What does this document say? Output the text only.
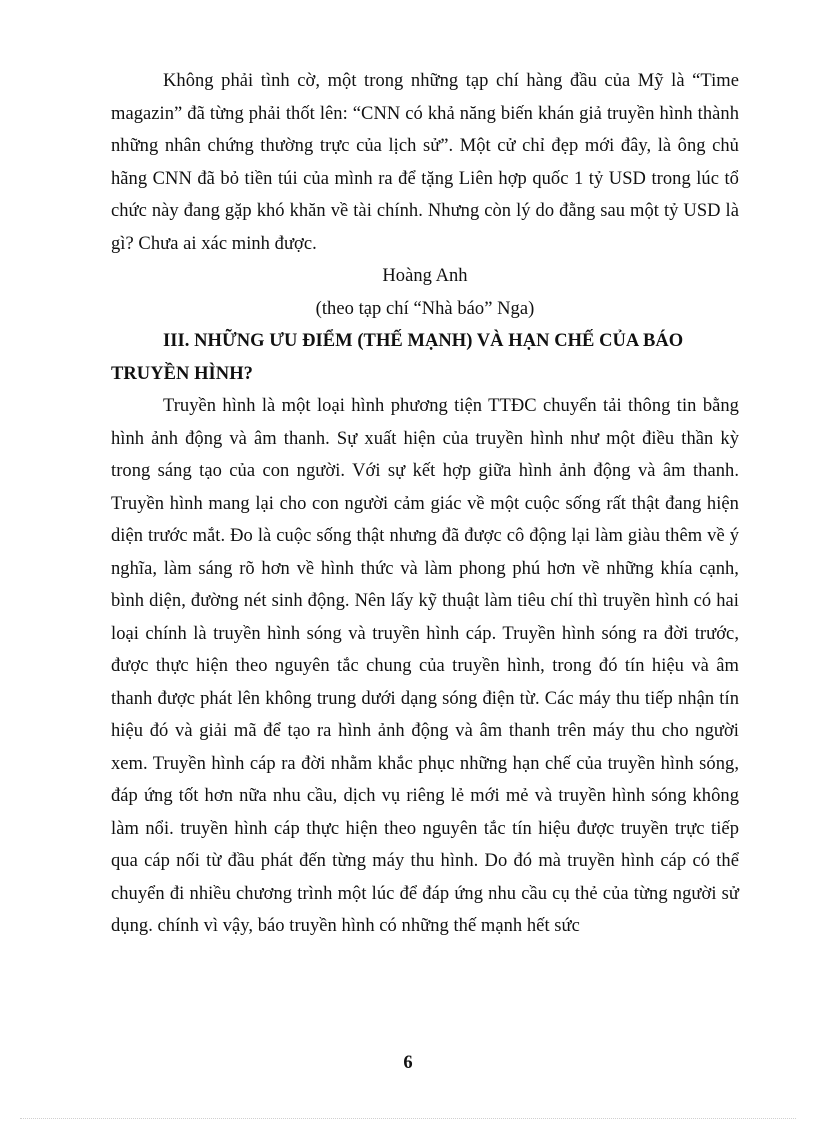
Không phải tình cờ, một trong những tạp chí hàng đầu của Mỹ là “Time magazin” đã từng phải thốt lên: “CNN có khả năng biến khán giả truyền hình thành những nhân chứng thường trực của lịch sử”. Một cử chỉ đẹp mới đây, là ông chủ hãng CNN đã bỏ tiền túi của mình ra để tặng Liên hợp quốc 1 tỷ USD trong lúc tổ chức này đang gặp khó khăn về tài chính. Nhưng còn lý do đằng sau một tỷ USD là gì? Chưa ai xác minh được.

Hoàng Anh

(theo tạp chí “Nhà báo” Nga)

III. NHỮNG ƯU ĐIỂM (THẾ MẠNH) VÀ HẠN CHẾ CỦA BÁO TRUYỀN HÌNH?

Truyền hình là một loại hình phương tiện TTĐC chuyển tải thông tin bằng hình ảnh động và âm thanh. Sự xuất hiện của truyền hình như một điều thần kỳ trong sáng tạo của con người. Với sự kết hợp giữa hình ảnh động và âm thanh. Truyền hình mang lại cho con người cảm giác về một cuộc sống rất thật đang hiện diện trước mắt. Đo là cuộc sống thật nhưng đã được cô động lại làm giàu thêm về ý nghĩa, làm sáng rõ hơn về hình thức và làm phong phú hơn về những khía cạnh, bình diện, đường nét sinh động. Nên lấy kỹ thuật làm tiêu chí thì truyền hình có hai loại chính là truyền hình sóng và truyền hình cáp. Truyền hình sóng ra đời trước, được thực hiện theo nguyên tắc chung của truyền hình, trong đó tín hiệu và âm thanh được phát lên không trung dưới dạng sóng điện từ. Các máy thu tiếp nhận tín hiệu đó và giải mã để tạo ra hình ảnh động và âm thanh trên máy thu cho người xem. Truyền hình cáp ra đời nhằm khắc phục những hạn chế của truyền hình sóng, đáp ứng tốt hơn nữa nhu cầu, dịch vụ riêng lẻ mới mẻ và truyền hình sóng không làm nổi. truyền hình cáp thực hiện theo nguyên tắc tín hiệu được truyền trực tiếp qua cáp nối từ đầu phát đến từng máy thu hình. Do đó mà truyền hình cáp có thể chuyển đi nhiều chương trình một lúc để đáp ứng nhu cầu cụ thẻ của từng người sử dụng. chính vì vậy, báo truyền hình có những thế mạnh hết sức

6
